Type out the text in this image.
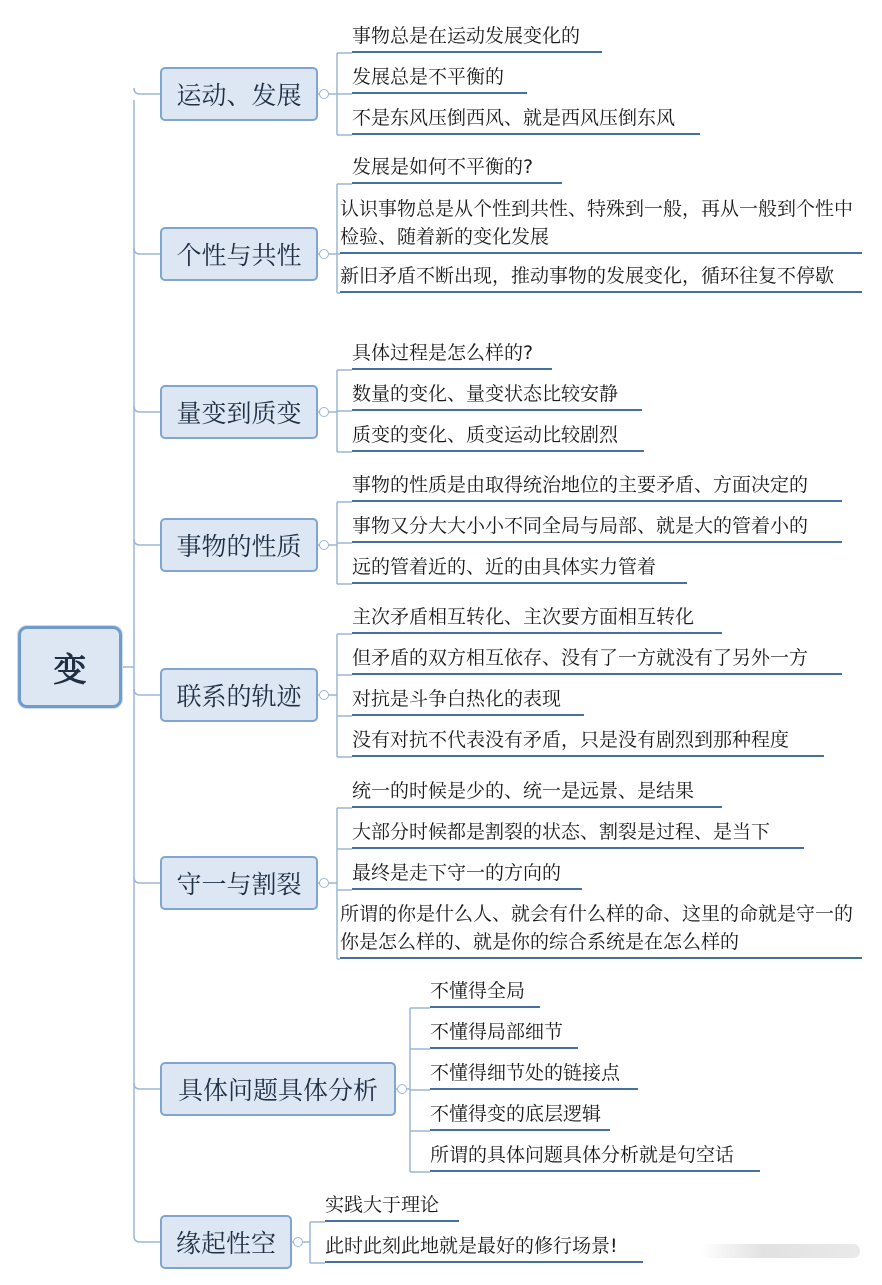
变
运动、发展
事物总是在运动发展变化的
发展总是不平衡的
不是东风压倒西风、就是西风压倒东风
个性与共性
发展是如何不平衡的?
认识事物总是从个性到共性、特殊到一般，再从一般到个性中检验、随着新的变化发展
新旧矛盾不断出现，推动事物的发展变化，循环往复不停歇
量变到质变
具体过程是怎么样的?
数量的变化、量变状态比较安静
质变的变化、质变运动比较剧烈
事物的性质
事物的性质是由取得统治地位的主要矛盾、方面决定的
事物又分大大小小不同全局与局部、就是大的管着小的
远的管着近的、近的由具体实力管着
联系的轨迹
主次矛盾相互转化、主次要方面相互转化
但矛盾的双方相互依存、没有了一方就没有了另外一方
对抗是斗争白热化的表现
没有对抗不代表没有矛盾，只是没有剧烈到那种程度
守一与割裂
统一的时候是少的、统一是远景、是结果
大部分时候都是割裂的状态、割裂是过程、是当下
最终是走下守一的方向的
所谓的你是什么人、就会有什么样的命、这里的命就是守一的你是怎么样的、就是你的综合系统是在怎么样的
具体问题具体分析
不懂得全局
不懂得局部细节
不懂得细节处的链接点
不懂得变的底层逻辑
所谓的具体问题具体分析就是句空话
缘起性空
实践大于理论
此时此刻此地就是最好的修行场景!
